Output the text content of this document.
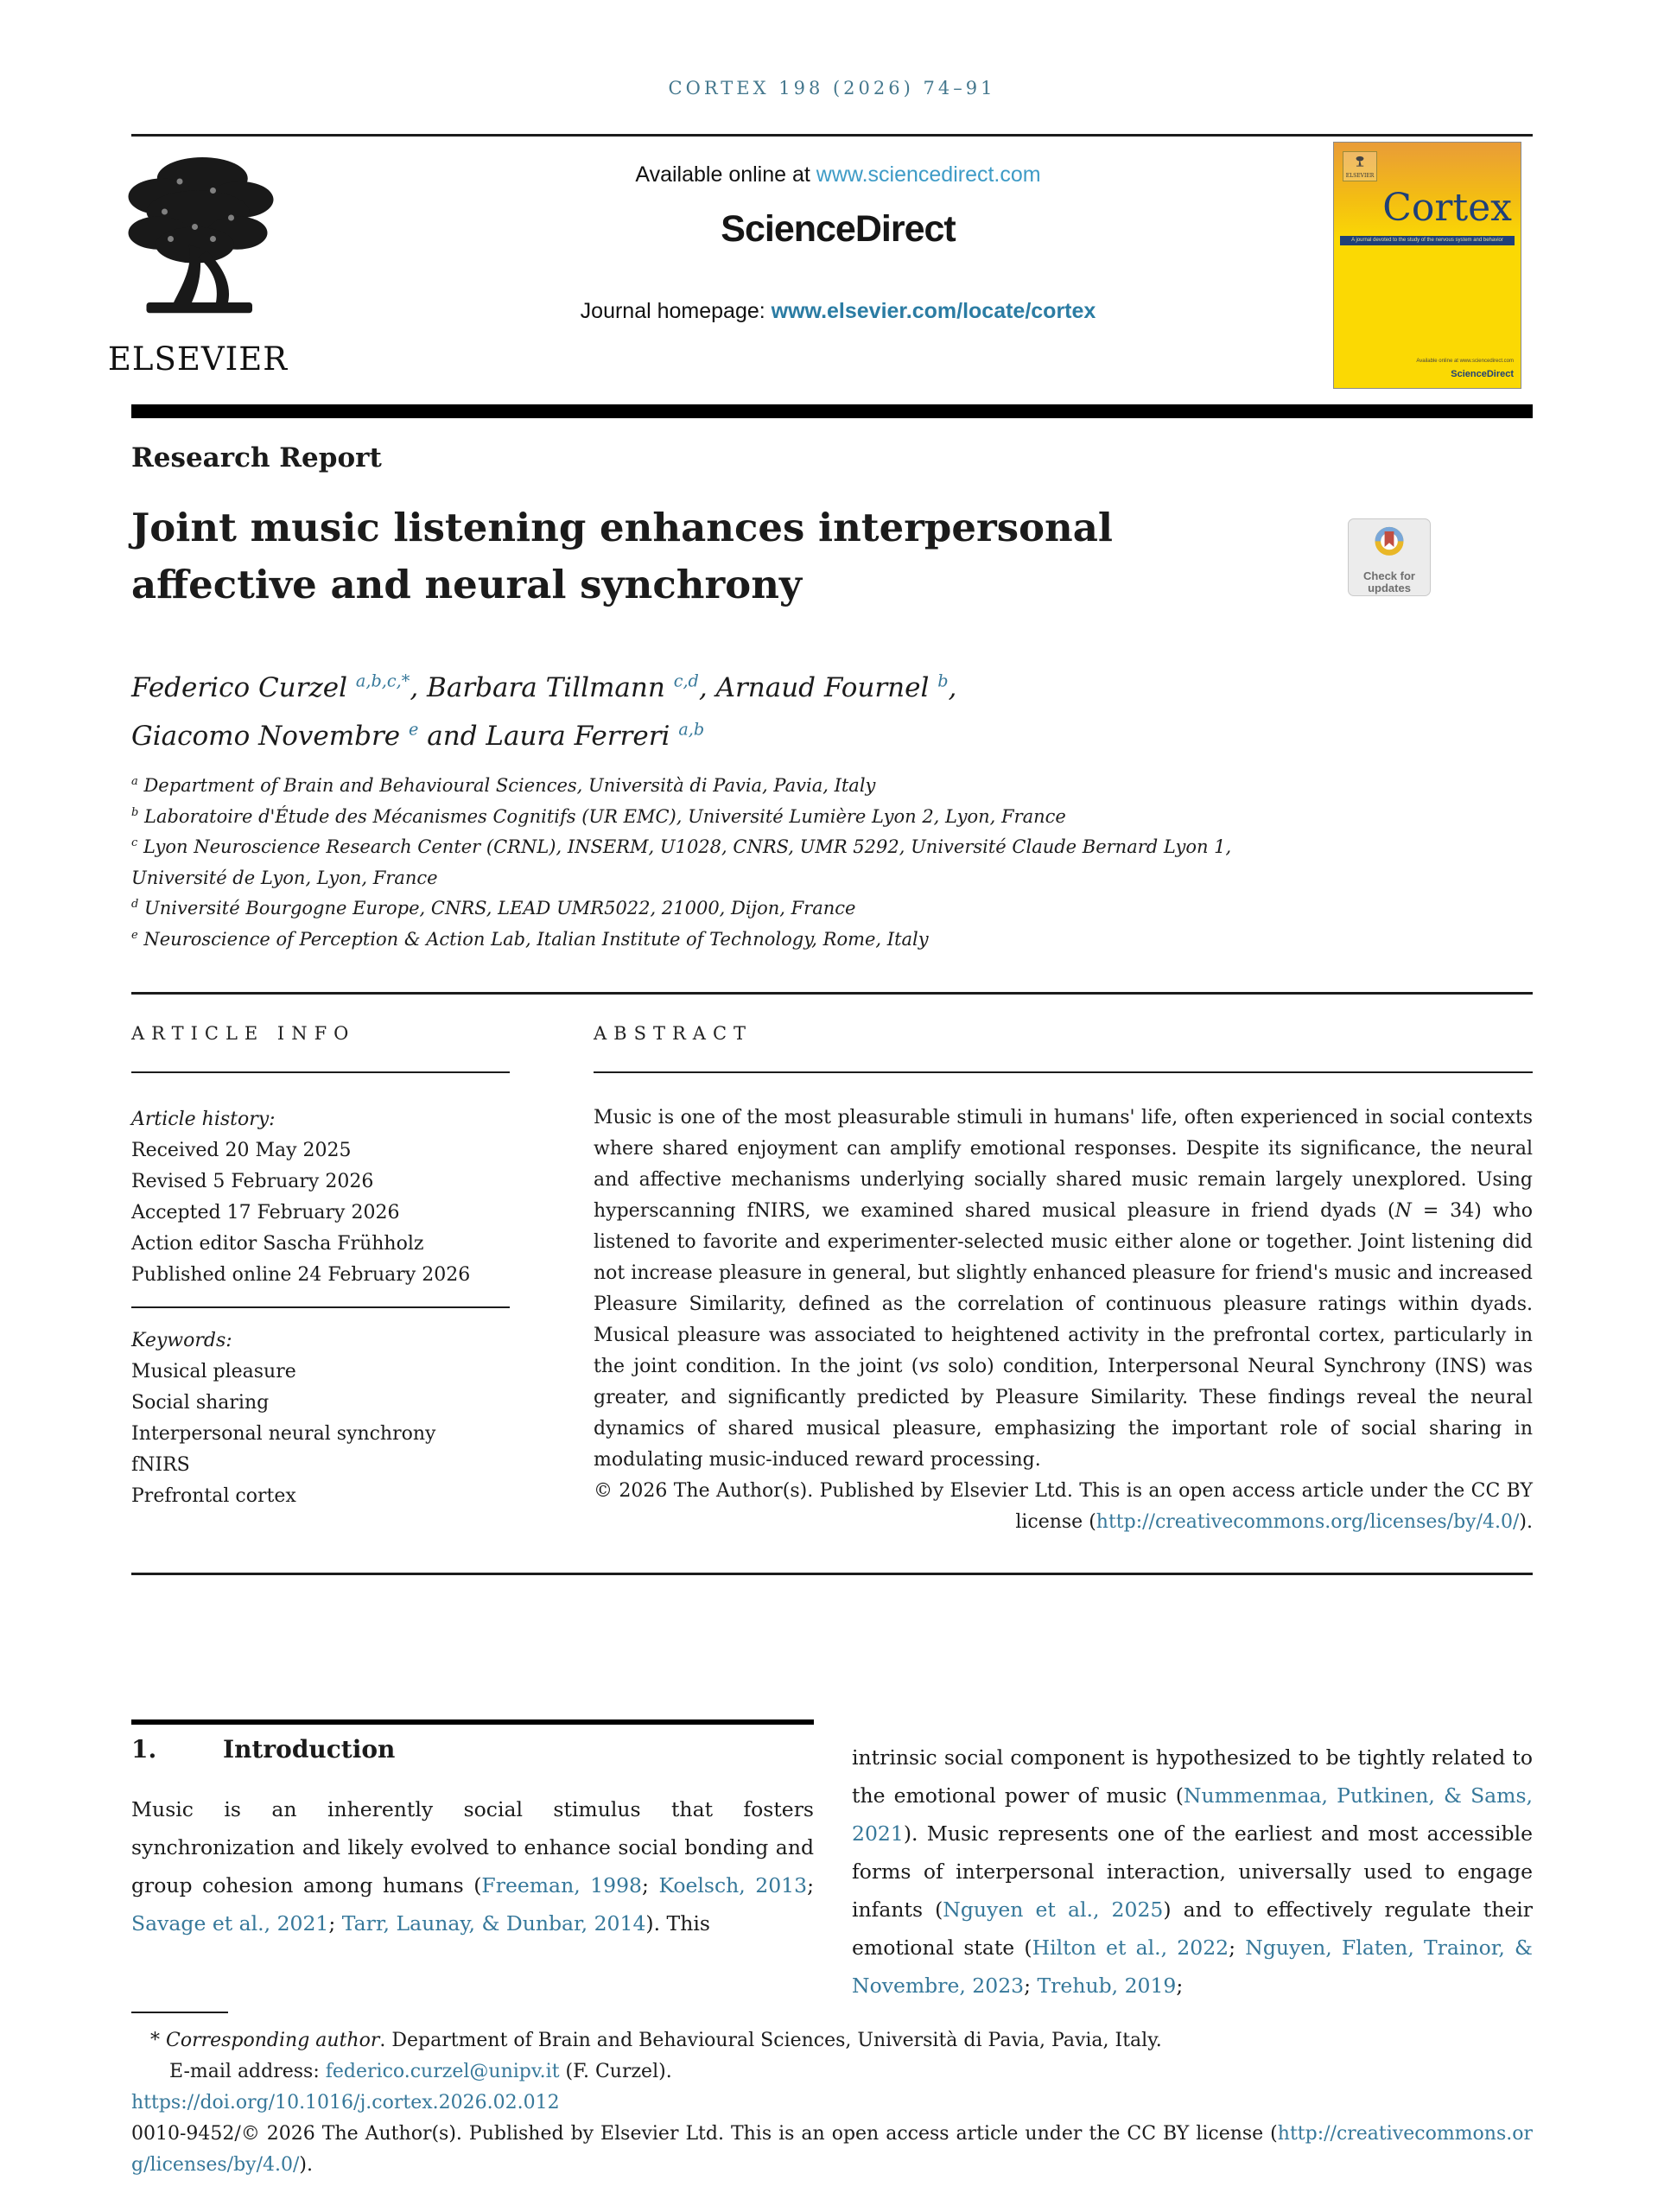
CORTEX 198 (2026) 74–91
ELSEVIER
Available online at www.sciencedirect.com
ScienceDirect
Journal homepage: www.elsevier.com/locate/cortex
ELSEVIER
Cortex
A journal devoted to the study of the nervous system and behavior
Available online at www.sciencedirect.com
ScienceDirect
Research Report
Joint music listening enhances interpersonal
affective and neural synchrony	Check for
updates
Federico Curzel $^{a,b,c,*}$, Barbara Tillmann $^{c,d}$, Arnaud Fournel $^b$,
Giacomo Novembre $^e$ and Laura Ferreri $^{a,b}$
$^a$ Department of Brain and Behavioural Sciences, Università di Pavia, Pavia, Italy
$^b$ Laboratoire d'Étude des Mécanismes Cognitifs (UR EMC), Université Lumière Lyon 2, Lyon, France
$^c$ Lyon Neuroscience Research Center (CRNL), INSERM, U1028, CNRS, UMR 5292, Université Claude Bernard Lyon 1,
Université de Lyon, Lyon, France
$^d$ Université Bourgogne Europe, CNRS, LEAD UMR5022, 21000, Dijon, France
$^e$ Neuroscience of Perception & Action Lab, Italian Institute of Technology, Rome, Italy
ARTICLE INFO	ABSTRACT
Article history:
Received 20 May 2025
Revised 5 February 2026
Accepted 17 February 2026
Action editor Sascha Frühholz
Published online 24 February 2026
Keywords:
Musical pleasure
Social sharing
Interpersonal neural synchrony
fNIRS
Prefrontal cortex
Music is one of the most pleasurable stimuli in humans' life, often experienced in social contexts where shared enjoyment can amplify emotional responses. Despite its significance, the neural and affective mechanisms underlying socially shared music remain largely unexplored. Using hyperscanning fNIRS, we examined shared musical pleasure in friend dyads (N = 34) who listened to favorite and experimenter-selected music either alone or together. Joint listening did not increase pleasure in general, but slightly enhanced pleasure for friend's music and increased Pleasure Similarity, defined as the correlation of continuous pleasure ratings within dyads. Musical pleasure was associated to heightened activity in the prefrontal cortex, particularly in the joint condition. In the joint (vs solo) condition, Interpersonal Neural Synchrony (INS) was greater, and significantly predicted by Pleasure Similarity. These findings reveal the neural dynamics of shared musical pleasure, emphasizing the important role of social sharing in modulating music-induced reward processing.
© 2026 The Author(s). Published by Elsevier Ltd. This is an open access article under the CC BY license (http://creativecommons.org/licenses/by/4.0/).
1.	Introduction
Music is an inherently social stimulus that fosters synchronization and likely evolved to enhance social bonding and group cohesion among humans (Freeman, 1998; Koelsch, 2013; Savage et al., 2021; Tarr, Launay, & Dunbar, 2014). This
intrinsic social component is hypothesized to be tightly related to the emotional power of music (Nummenmaa, Putkinen, & Sams, 2021). Music represents one of the earliest and most accessible forms of interpersonal interaction, universally used to engage infants (Nguyen et al., 2025) and to effectively regulate their emotional state (Hilton et al., 2022; Nguyen, Flaten, Trainor, & Novembre, 2023; Trehub, 2019;
* Corresponding author. Department of Brain and Behavioural Sciences, Università di Pavia, Pavia, Italy.
E-mail address: federico.curzel@unipv.it (F. Curzel).
https://doi.org/10.1016/j.cortex.2026.02.012
0010-9452/© 2026 The Author(s). Published by Elsevier Ltd. This is an open access article under the CC BY license (http://creativecommons.org/licenses/by/4.0/).
